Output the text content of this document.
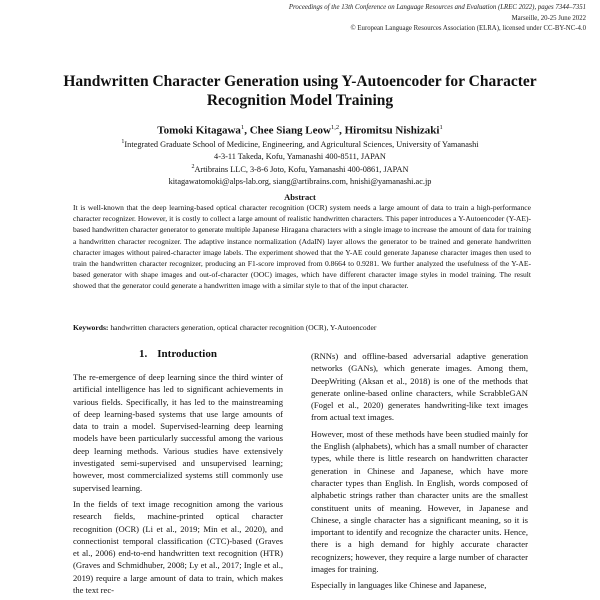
Proceedings of the 13th Conference on Language Resources and Evaluation (LREC 2022), pages 7344–7351
Marseille, 20-25 June 2022
© European Language Resources Association (ELRA), licensed under CC-BY-NC-4.0
Handwritten Character Generation using Y-Autoencoder for Character Recognition Model Training
Tomoki Kitagawa$^1$, Chee Siang Leow$^{1,2}$, Hiromitsu Nishizaki$^1$
$^1$Integrated Graduate School of Medicine, Engineering, and Agricultural Sciences, University of Yamanashi
4-3-11 Takeda, Kofu, Yamanashi 400-8511, JAPAN
$^2$Artibrains LLC, 3-8-6 Joto, Kofu, Yamanashi 400-0861, JAPAN
kitagawatomoki@alps-lab.org, siang@artibrains.com, hnishi@yamanashi.ac.jp
Abstract
It is well-known that the deep learning-based optical character recognition (OCR) system needs a large amount of data to train a high-performance character recognizer. However, it is costly to collect a large amount of realistic handwritten characters. This paper introduces a Y-Autoencoder (Y-AE)-based handwritten character generator to generate multiple Japanese Hiragana characters with a single image to increase the amount of data for training a handwritten character recognizer. The adaptive instance normalization (AdaIN) layer allows the generator to be trained and generate handwritten character images without paired-character image labels. The experiment showed that the Y-AE could generate Japanese character images then used to train the handwritten character recognizer, producing an F1-score improved from 0.8664 to 0.9281. We further analyzed the usefulness of the Y-AE-based generator with shape images and out-of-character (OOC) images, which have different character image styles in model training. The result showed that the generator could generate a handwritten image with a similar style to that of the input character.
Keywords: handwritten characters generation, optical character recognition (OCR), Y-Autoencoder
1. Introduction

The re-emergence of deep learning since the third winter of artificial intelligence has led to significant achievements in various fields. Specifically, it has led to the mainstreaming of deep learning-based systems that use large amounts of data to train a model. Supervised-learning deep learning models have been particularly successful among the various deep learning methods. Various studies have extensively investigated semi-supervised and unsupervised learning; however, most commercialized systems still commonly use supervised learning.

In the fields of text image recognition among the various research fields, machine-printed optical character recognition (OCR) (Li et al., 2019; Min et al., 2020), and connectionist temporal classification (CTC)-based (Graves et al., 2006) end-to-end handwritten text recognition (HTR) (Graves and Schmidhuber, 2008; Ly et al., 2017; Ingle et al., 2019) require a large amount of data to train, which makes the text rec-

(RNNs) and offline-based adversarial adaptive generation networks (GANs), which generate images. Among them, DeepWriting (Aksan et al., 2018) is one of the methods that generate online-based online characters, while ScrabbleGAN (Fogel et al., 2020) generates handwriting-like text images from actual text images.

However, most of these methods have been studied mainly for the English (alphabets), which has a small number of character types, while there is little research on handwritten character generation in Chinese and Japanese, which have more character types than English. In English, words composed of alphabetic strings rather than character units are the smallest constituent units of meaning. However, in Japanese and Chinese, a single character has a significant meaning, so it is important to identify and recognize the character units. Hence, there is a high demand for highly accurate character recognizers; however, they require a large number of character images for training.

Especially in languages like Chinese and Japanese,
